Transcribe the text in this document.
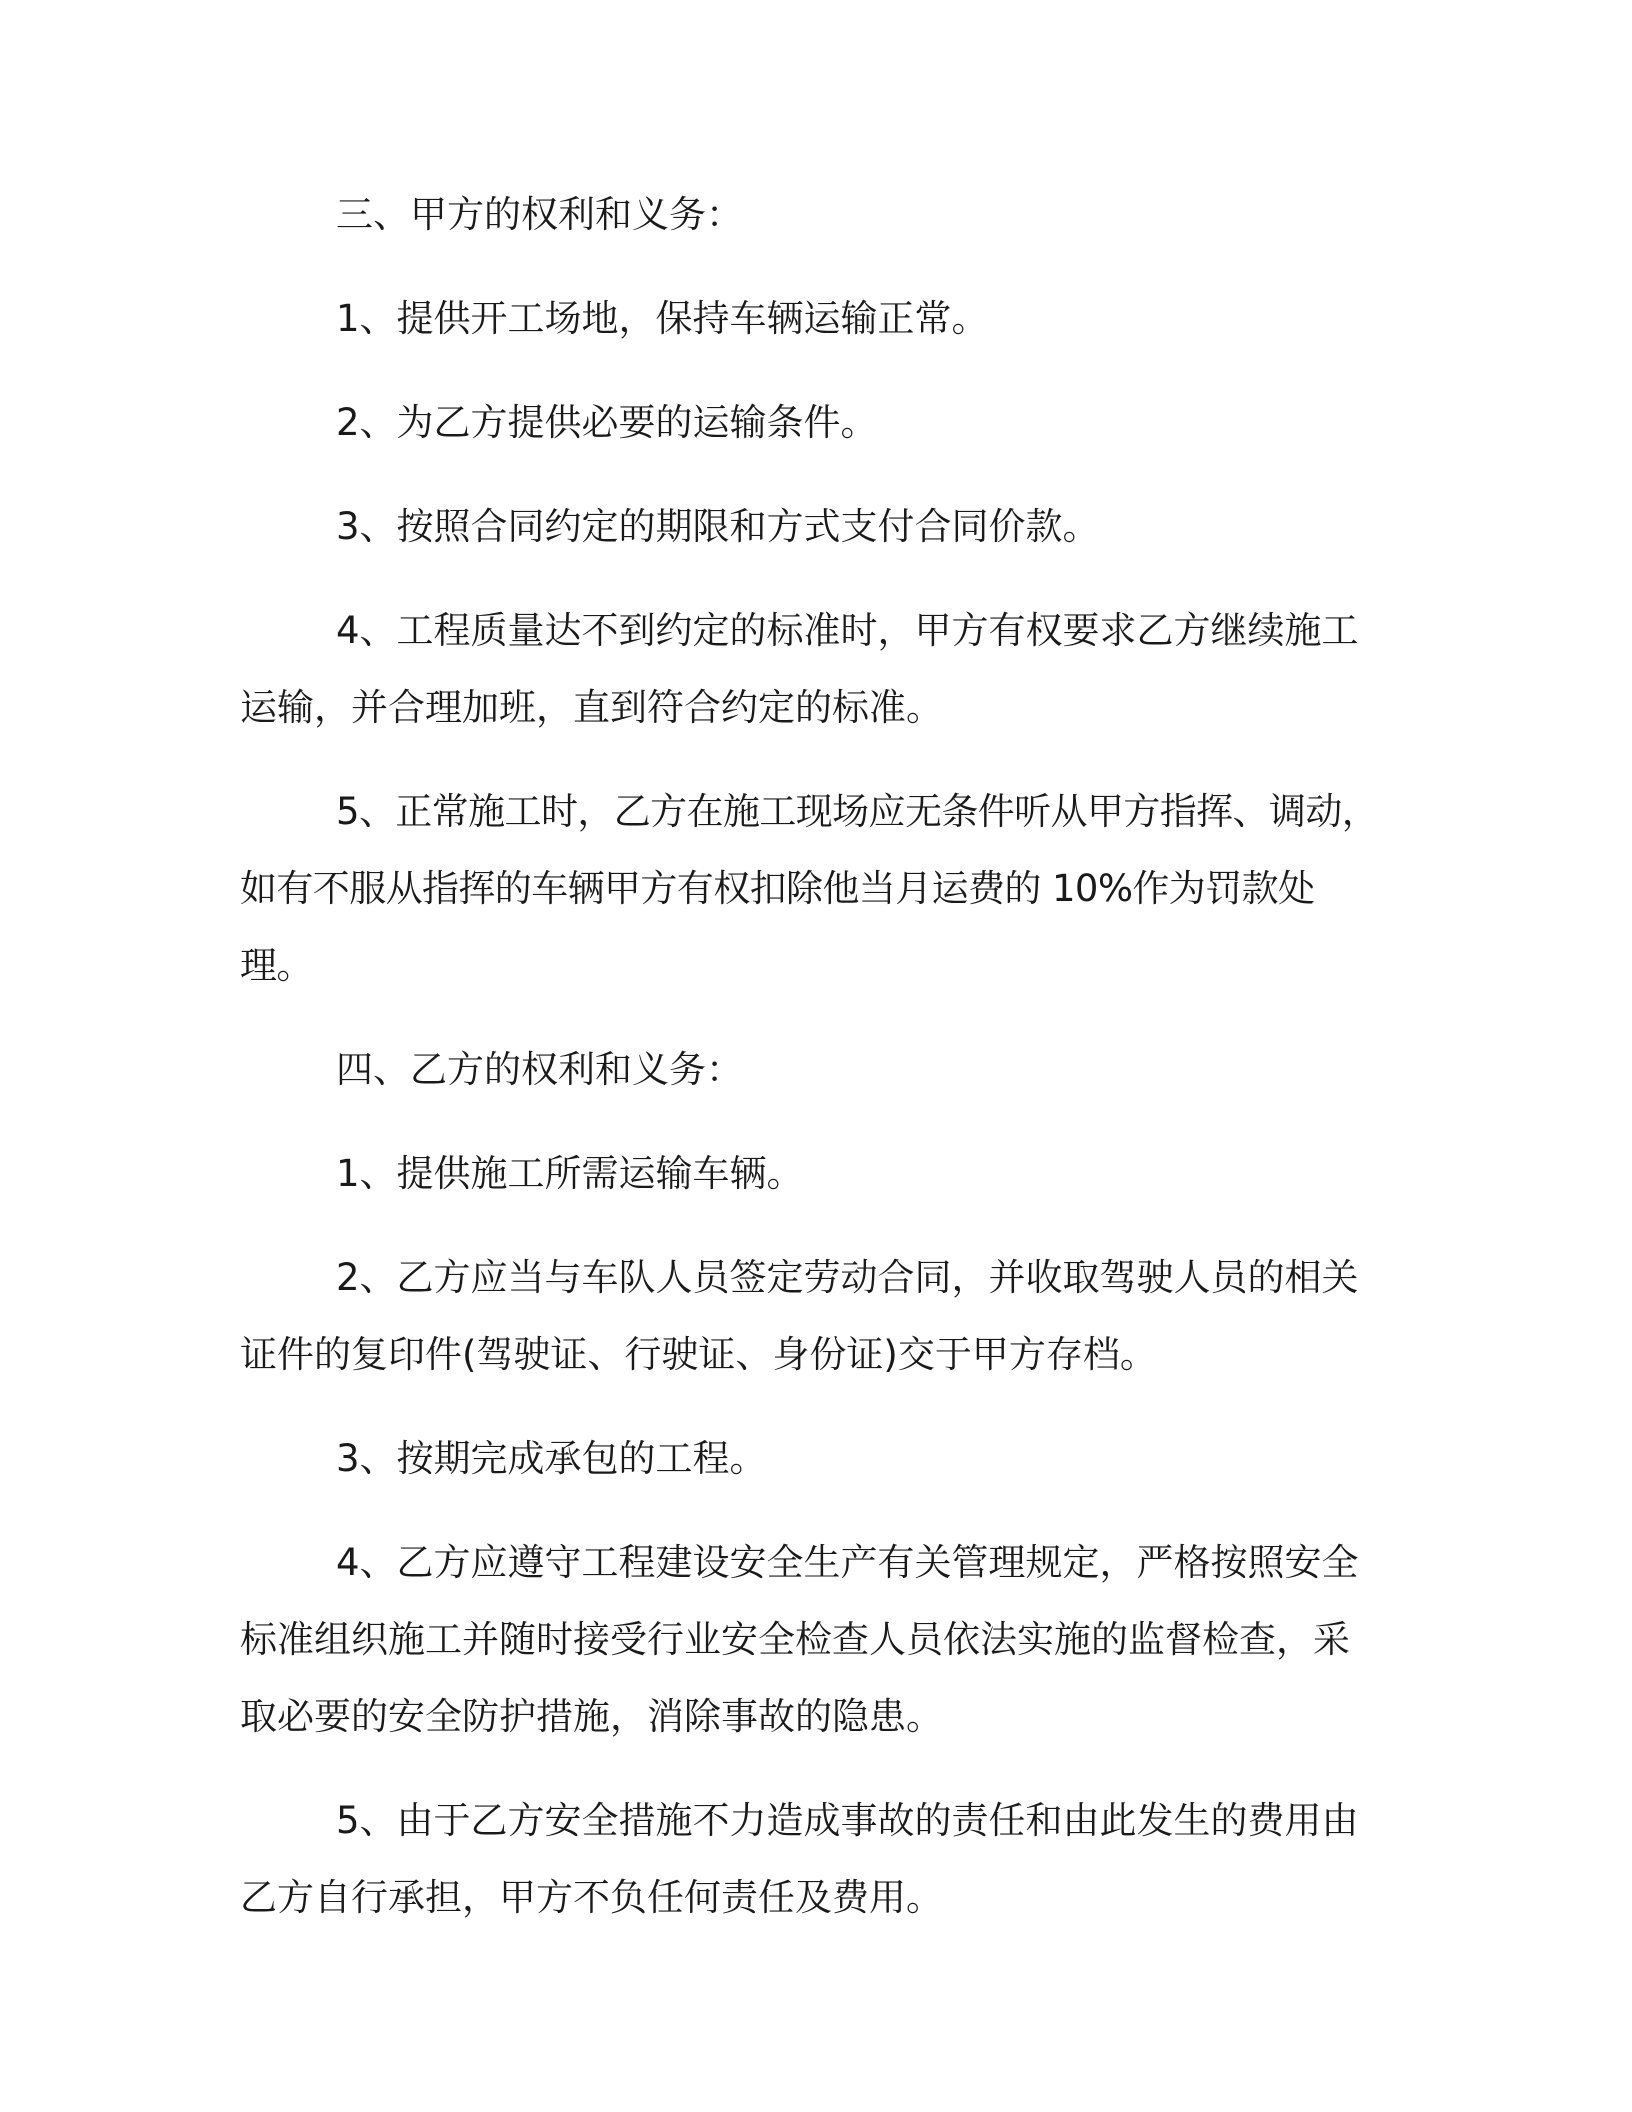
三、甲方的权利和义务：

1、提供开工场地，保持车辆运输正常。

2、为乙方提供必要的运输条件。

3、按照合同约定的期限和方式支付合同价款。

4、工程质量达不到约定的标准时，甲方有权要求乙方继续施工运输，并合理加班，直到符合约定的标准。

5、正常施工时，乙方在施工现场应无条件听从甲方指挥、调动，如有不服从指挥的车辆甲方有权扣除他当月运费的 10%作为罚款处理。

四、乙方的权利和义务：

1、提供施工所需运输车辆。

2、乙方应当与车队人员签定劳动合同，并收取驾驶人员的相关证件的复印件(驾驶证、行驶证、身份证)交于甲方存档。

3、按期完成承包的工程。

4、乙方应遵守工程建设安全生产有关管理规定，严格按照安全标准组织施工并随时接受行业安全检查人员依法实施的监督检查，采取必要的安全防护措施，消除事故的隐患。

5、由于乙方安全措施不力造成事故的责任和由此发生的费用由乙方自行承担，甲方不负任何责任及费用。
